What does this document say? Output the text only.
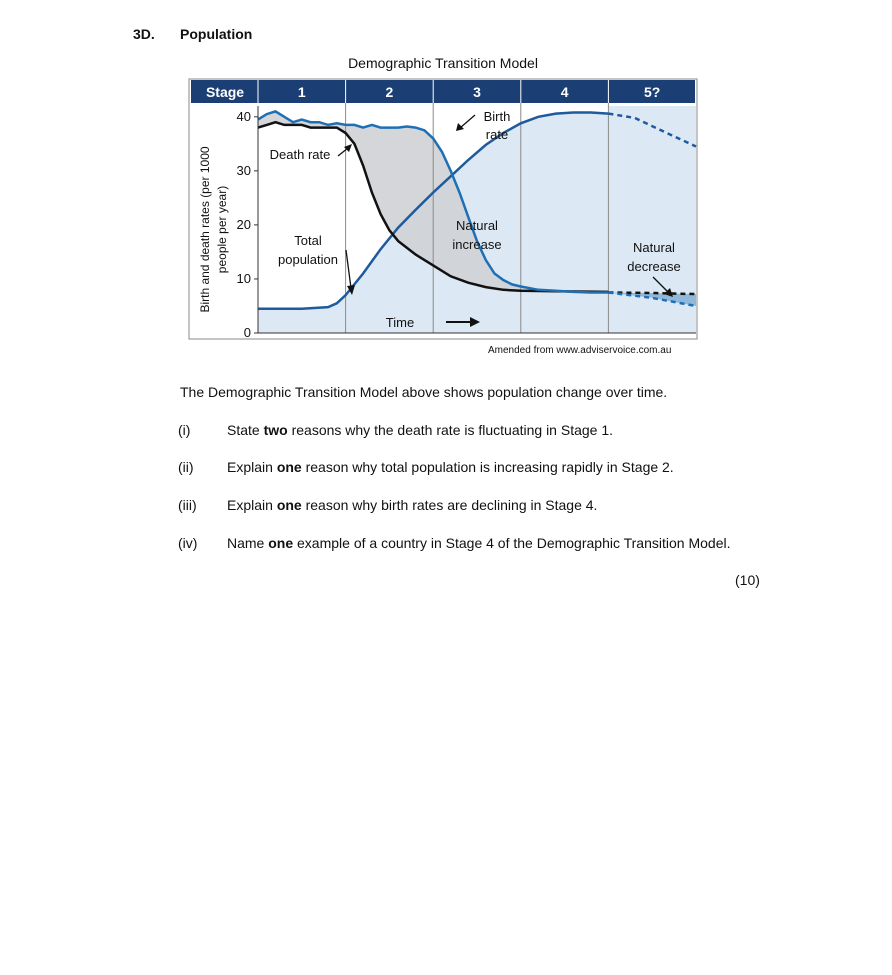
3D. Population
Demographic Transition Model
Stage	1	2	3	4	5?
0
10
20
30
40
Birth and death rates (per 1000 people per year)
Time
Birth
rate
Death rate
Total
population
Natural
increase	Natural
decrease
Amended from www.adviservoice.com.au
The Demographic Transition Model above shows population change over time.
(i)	State two reasons why the death rate is fluctuating in Stage 1.
(ii) Explain one reason why total population is increasing rapidly in Stage 2.
(iii) Explain one reason why birth rates are declining in Stage 4.
(iv) Name one example of a country in Stage 4 of the Demographic Transition Model.
(10)
